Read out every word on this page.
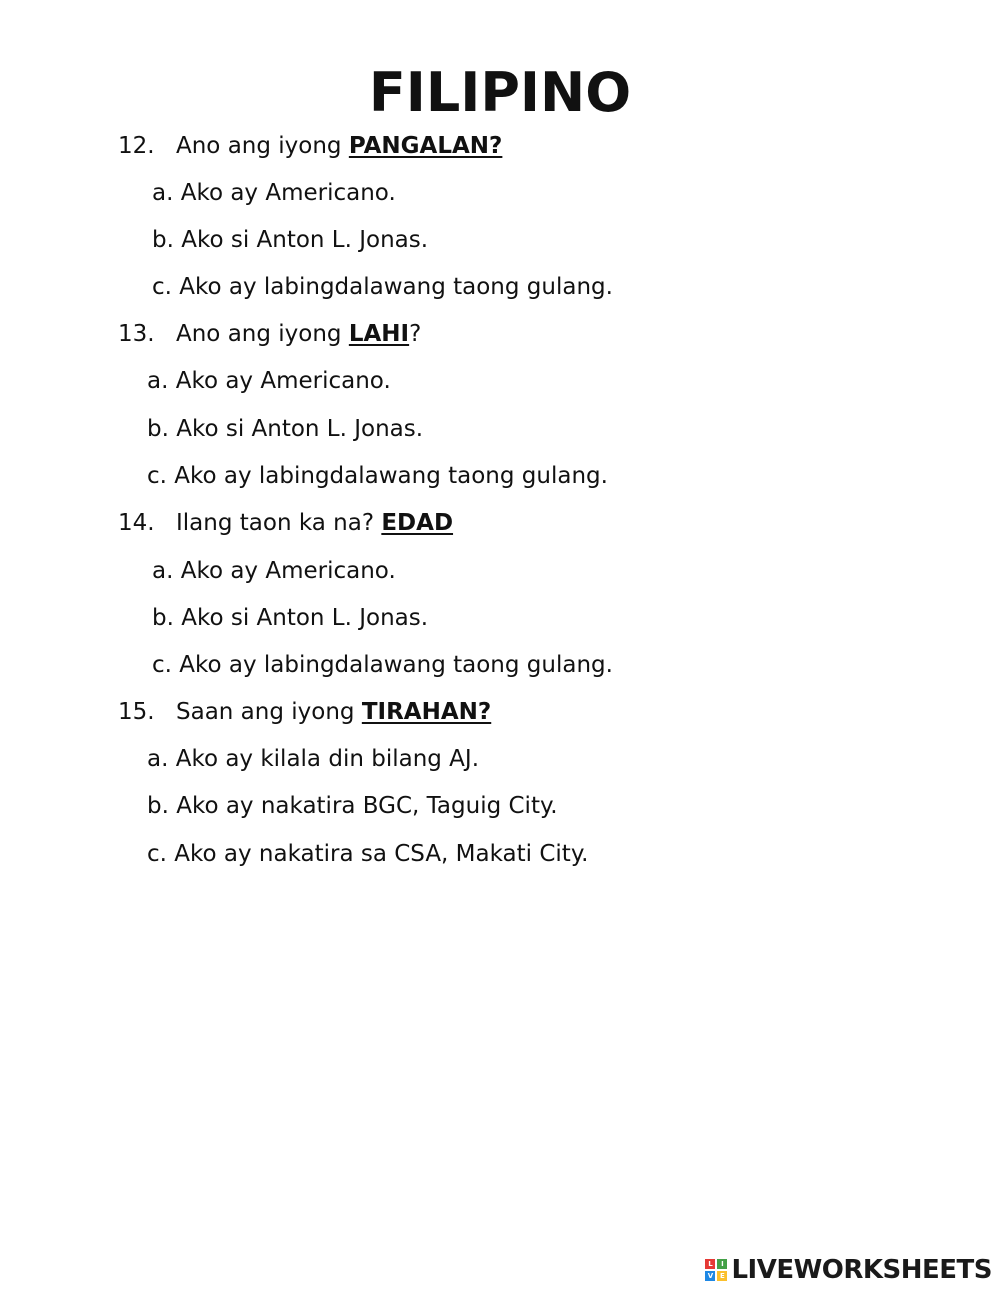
FILIPINO
12. Ano ang iyong PANGALAN?
a. Ako ay Americano.
b. Ako si Anton L. Jonas.
c. Ako ay labingdalawang taong gulang.
13. Ano ang iyong LAHI?
a. Ako ay Americano.
b. Ako si Anton L. Jonas.
c. Ako ay labingdalawang taong gulang.
14. Ilang taon ka na? EDAD
a. Ako ay Americano.
b. Ako si Anton L. Jonas.
c. Ako ay labingdalawang taong gulang.
15. Saan ang iyong TIRAHAN?
a. Ako ay kilala din bilang AJ.
b. Ako ay nakatira BGC, Taguig City.
c. Ako ay nakatira sa CSA, Makati City.
L	I
V E LIVEWORKSHEETS
